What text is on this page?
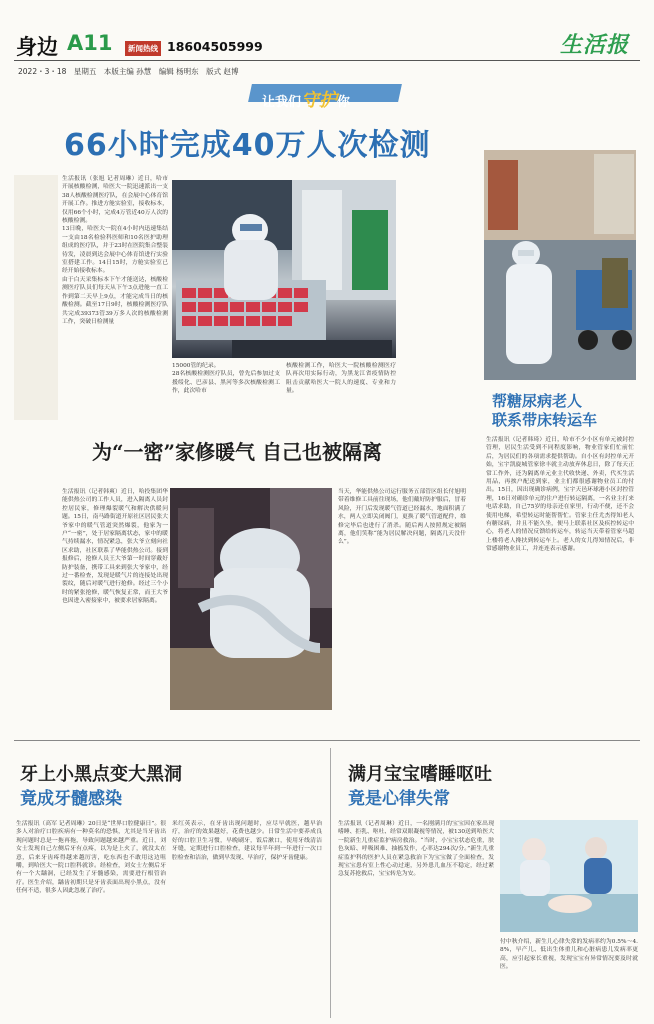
身边 A11	新闻热线 18604505999	生活报
2022・3・18　星期五　本版主编 孙慧　编辑 杨明东　版式 赵博
让我们守护你
66小时完成40万人次检测
生活报讯（张旭 记者周琳）近日，哈市开展核酸检测，哈医大一院迅速派出一支38人核酸检测医疗队，在会展中心体育馆开展工作。推进方舱实验室，接收标本，仅用66个小时，完成4万管近40万人次的核酸检测。
13日晚，哈医大一院在4小时内迅速集结一支由18名检验科医师和10名医护助理组成的医疗队，并于23时在医院集合整装待发，凌晨到达会展中心体育馆进行实验室搭建工作。14日15时，方舱实验室已经开始接收标本。
由于白天采集标本下午才能送达，核酸检测医疗队员们每天从下午3点进舱一直工作到第二天早上9点，才能完成当日的核酸检测。截至17日9时，核酸检测医疗队共完成39373管39万多人次的核酸检测工作，突破日检测量
15000管的纪录。
28名核酸检测医疗队员，曾先后参加过支援绥化、巴彦县、黑河等多次核酸检测工作，此次哈市
核酸检测工作，哈医大一院核酸检测医疗队再次用实际行动，为黑龙江省疫情防控阻击贡献哈医大一院人的速度、专业和力量。
帮糖尿病老人
联系带床转运车
生活报讯（记者韩琦）近日，哈市不少小区有单元被封控管理，居民生活受到不同程度影响，物业管家们忙前忙后，为居民们的各项需求提供帮助。自小区有封控单元开始，宝宇凯旋城管家徐丰就主动放弃休息日，除了每天正常工作外，还为隔离单元业主代收快递、外卖，代买生活用品，再挨户配送到家，业主们都很感谢物业员工的付出。15日，因出现确诊病例，宝宇天邑环球港小区封控管理，16日对确诊单元的住户进行转运隔离，一名业主打来电话求助，自己75岁的母亲还在家里，行动不便，还不会使用电梯，希望转运时能帮帮忙。管家主任尤杰得知老人有糖尿病，并且不能久坐，便马上联系社区及疾控转运中心，将老人的情况反馈给转运车，转运当天带着管家马超上楼将老人搀扶到转运车上。老人的女儿得知情况后，非常感谢物业员工，并连连表示感谢。
为“一密”家修暖气 自己也被隔离
生活报讯（记者韩爽）近日，哈投集团华能供热公司的工作人员，进入隔离人员封控居民家，修理爆裂暖气和解决供暖问题。15日，南马路街道开原社区居民张大爷家中的暖气管道突然爆裂，他家为一户“一密”，处于居家隔离状态，家中的暖气持续漏水，情况紧急，张大爷立刻向社区求助，社区联系了华能供热公司。接到报修后，抢修人员王大爷第一时间穿戴好防护装备，携带工具来到张大爷家中，经过一番检查，发现是暖气片的连接处出现裂纹，随后对暖气进行抢修。经过三个小时的紧张抢修，暖气恢复正常，而王大爷也因进入密接家中，被要求居家隔离。
当天，华能供热公司运行服务五部管区组长付旭明带着维修工具前往现场，他们戴好防护服后，冒着风险，开门后发现暖气管道已经漏水，地面积满了水，两人立即关闭阀门，更换了暖气管道配件，维修完毕后也进行了消杀。随后两人按照规定被隔离，他们笑称“能为居民解决问题，隔离几天没什么”。
牙上小黑点变大黑洞
竟成牙髓感染
生活报讯（高军 记者周琳）20日是“世界口腔健康日”。很多人对治疗口腔疾病有一种莫名的恐惧，尤其是当牙齿出现问题时总是一拖再拖，导致问题越来越严重。近日，刘女士发现自己左侧后牙有点疼，以为是上火了，就没太在意，后来牙齿疼得越来越厉害，吃东西也不敢用这边咀嚼，到哈医大一院口腔科就诊。经检查，刘女士左侧后牙有一个大龋洞，已经发生了牙髓感染，需要进行根管治疗。医生介绍，龋齿初期只是牙齿表面出现小黑点，没有任何不适，很多人因此忽视了治疗。
米红英表示，在牙齿出现问题时，应尽早就医，越早治疗，治疗的效果越好，花费也越少。日常生活中要养成良好的口腔卫生习惯，早晚刷牙，饭后漱口，使用牙线清洁牙缝，定期进行口腔检查，建议每半年到一年进行一次口腔检查和洁治，做到早发现、早治疗，保护牙齿健康。
满月宝宝嗜睡呕吐
竟是心律失常
生活报讯（记者周琳）近日，一名刚满月的宝宝因在家出现嗜睡、拒乳、呕吐、经常双眼凝视等情况，被130送到哈医大一院新生儿重症监护病房救治。“当时，小宝宝状态危重，肤色灰暗、呼吸困难、抽搐发作，心率达294次/分。”新生儿重症监护科的医护人员在紧急救治下为宝宝做了全面检查，发现宝宝患有室上性心动过速，另外患儿血压不稳定，经过紧急复苏抢救后，宝宝转危为安。
付中秋介绍，新生儿心律失常的发病率约为0.5%～4.8%，早产儿、低出生体重儿和心脏病患儿发病率更高，应引起家长重视，发现宝宝有异常情况要及时就医。
